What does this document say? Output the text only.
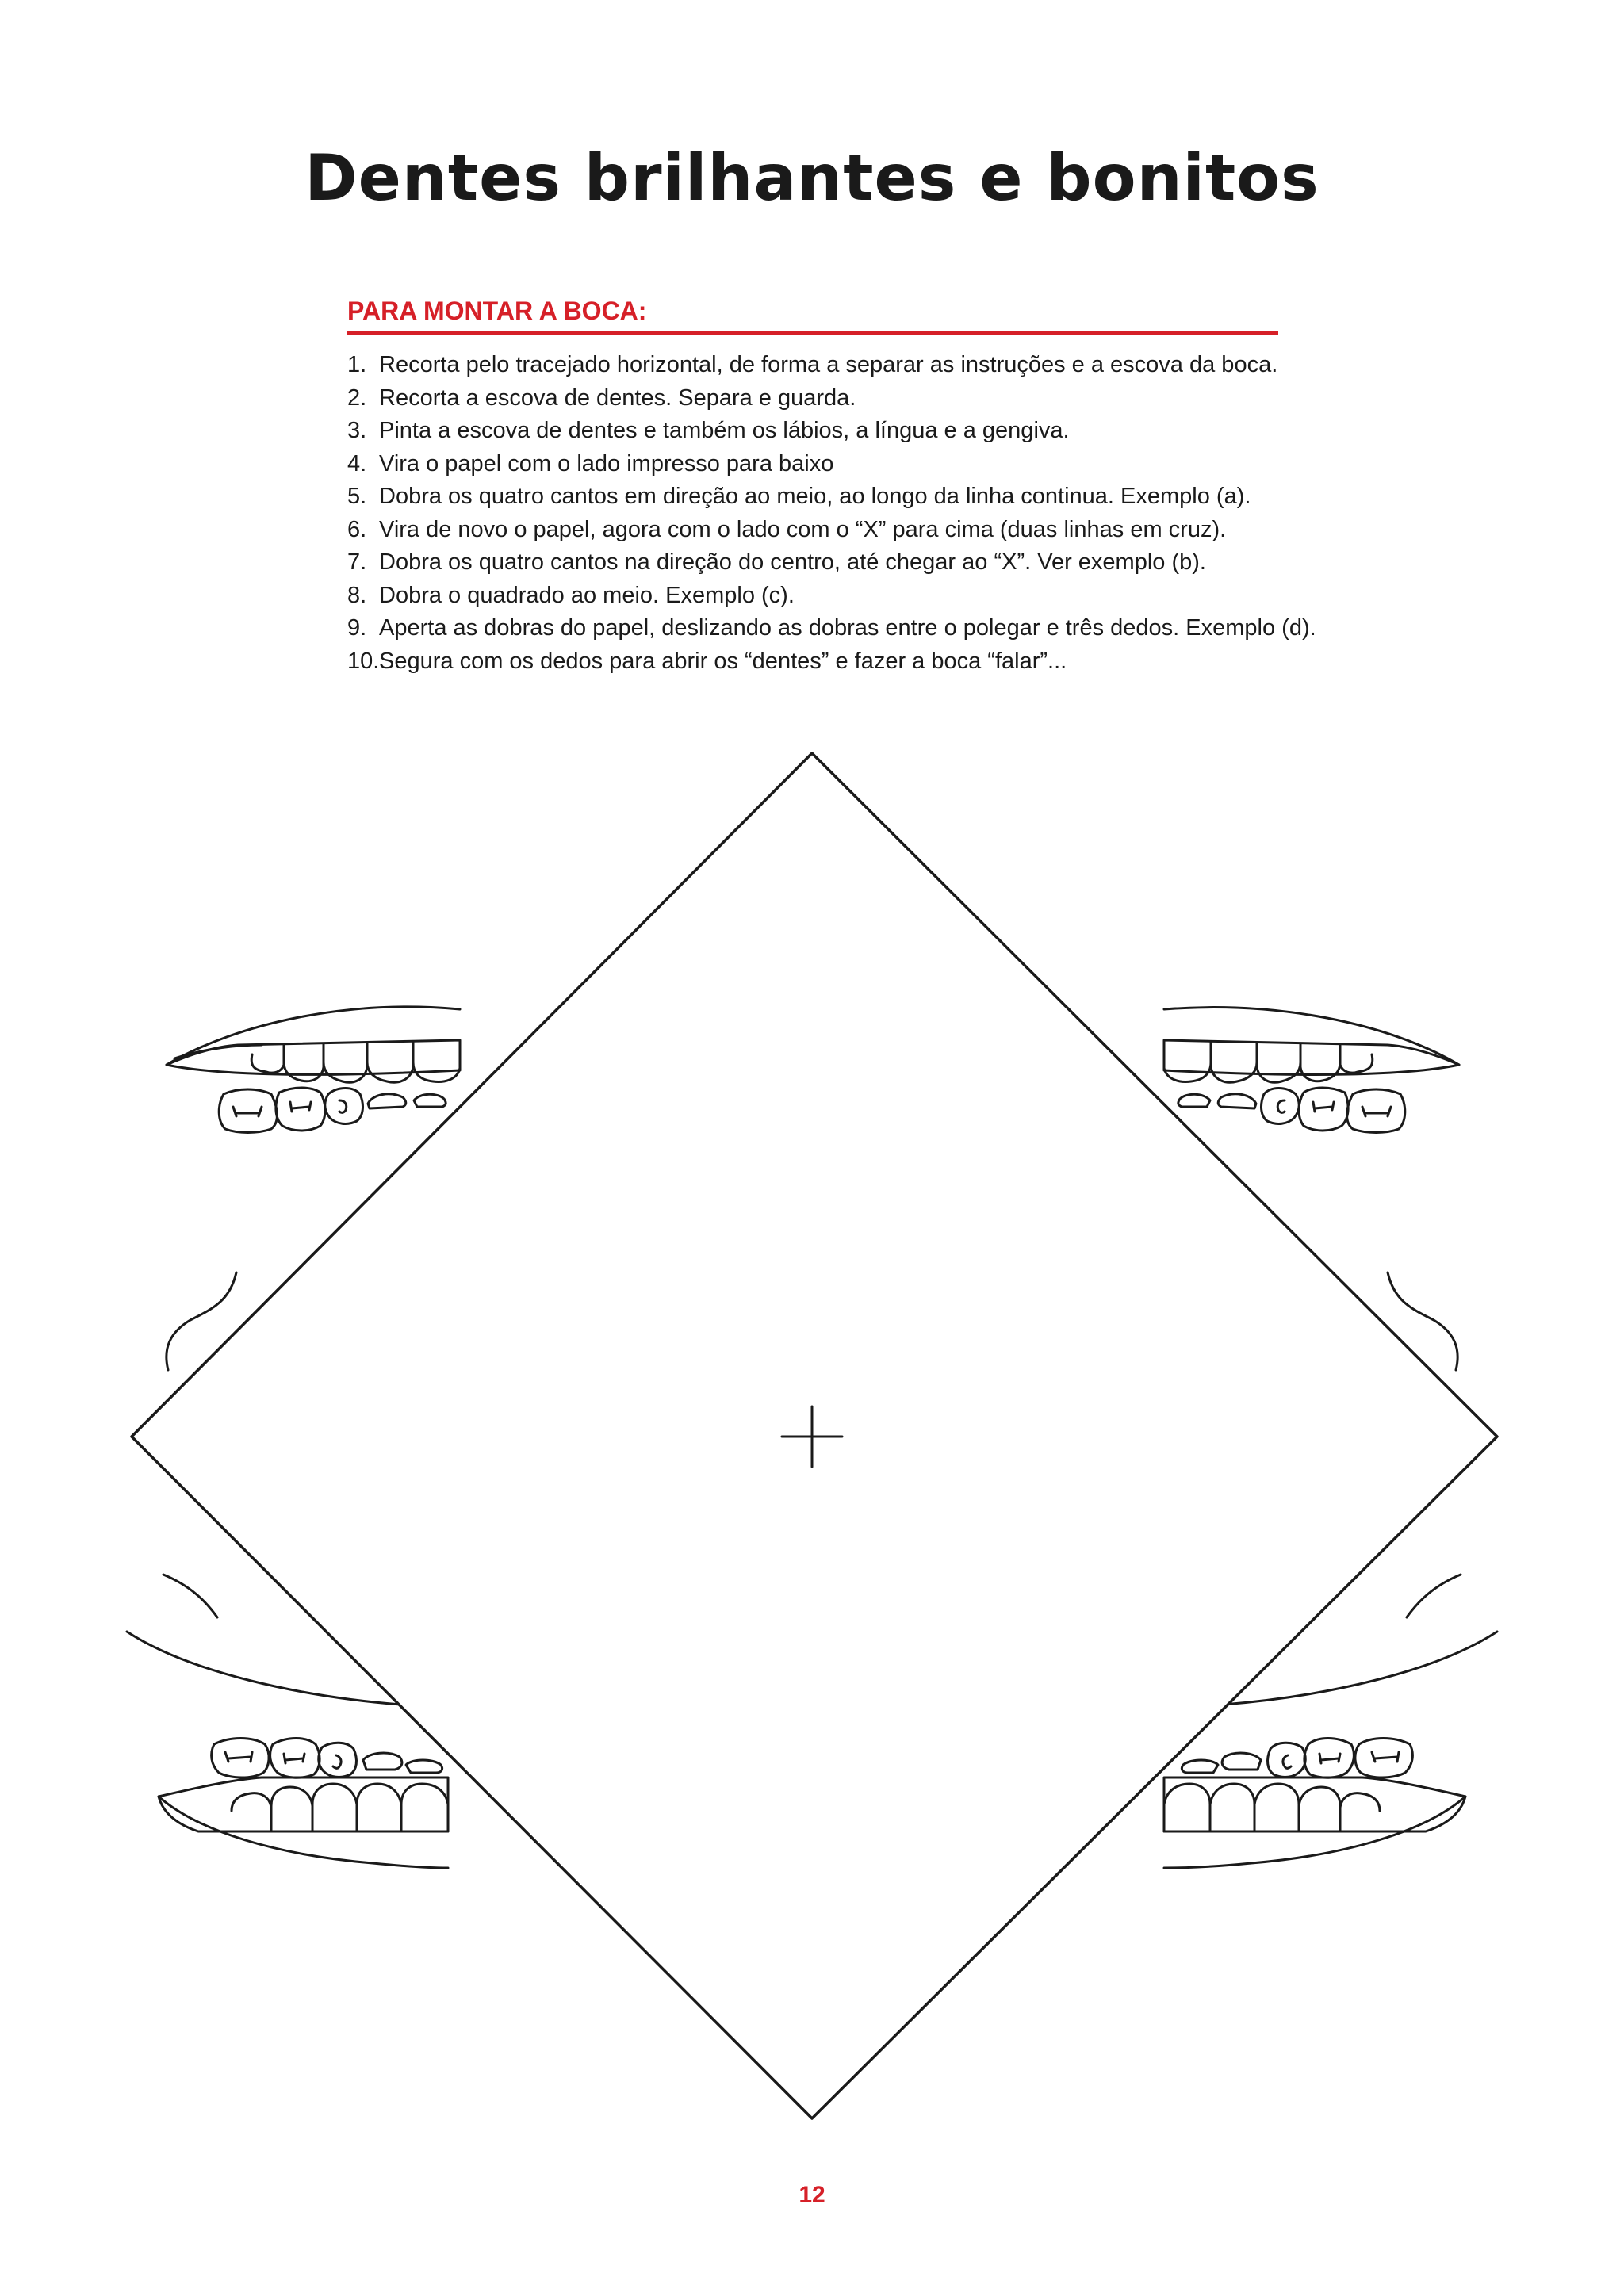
Dentes brilhantes e bonitos
PARA MONTAR A BOCA:
1. Recorta pelo tracejado horizontal, de forma a separar as instruções e a escova da boca.
2. Recorta a escova de dentes. Separa e guarda.
3. Pinta a escova de dentes e também os lábios, a língua e a gengiva.
4. Vira o papel com o lado impresso para baixo
5. Dobra os quatro cantos em direção ao meio, ao longo da linha continua. Exemplo (a).
6. Vira de novo o papel, agora com o lado com o “X” para cima (duas linhas em cruz).
7. Dobra os quatro cantos na direção do centro, até chegar ao “X”. Ver exemplo (b).
8. Dobra o quadrado ao meio. Exemplo (c).
9. Aperta as dobras do papel, deslizando as dobras entre o polegar e três dedos. Exemplo (d).
10. Segura com os dedos para abrir os “dentes” e fazer a boca “falar”...
12
